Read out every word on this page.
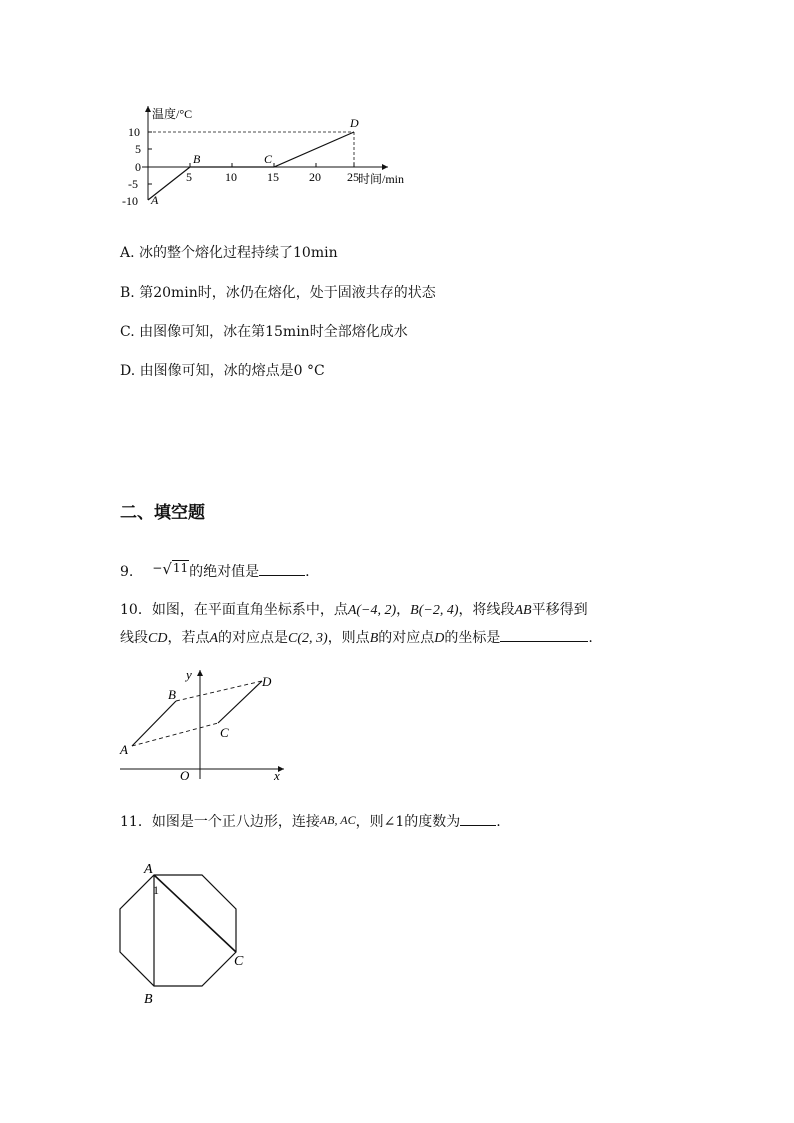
温度/°C
时间/min
10
5
0
-5
-10
5	10	15	20 25
A
B	C
D
A. 冰的整个熔化过程持续了10min
B. 第20min时，冰仍在熔化，处于固液共存的状态
C. 由图像可知，冰在第15min时全部熔化成水
D. 由图像可知，冰的熔点是0 °C
二、填空题
9. −√11的绝对值是	.
10．如图，在平面直角坐标系中，点A(−4, 2)，B(−2, 4)，将线段AB平移得到
线段CD，若点A的对应点是C(2, 3)，则点B的对应点D的坐标是	.
y
x
O
A
B
C
D
11．如图是一个正八边形，连接AB, AC，则∠1的度数为	.
A
B
C
1
